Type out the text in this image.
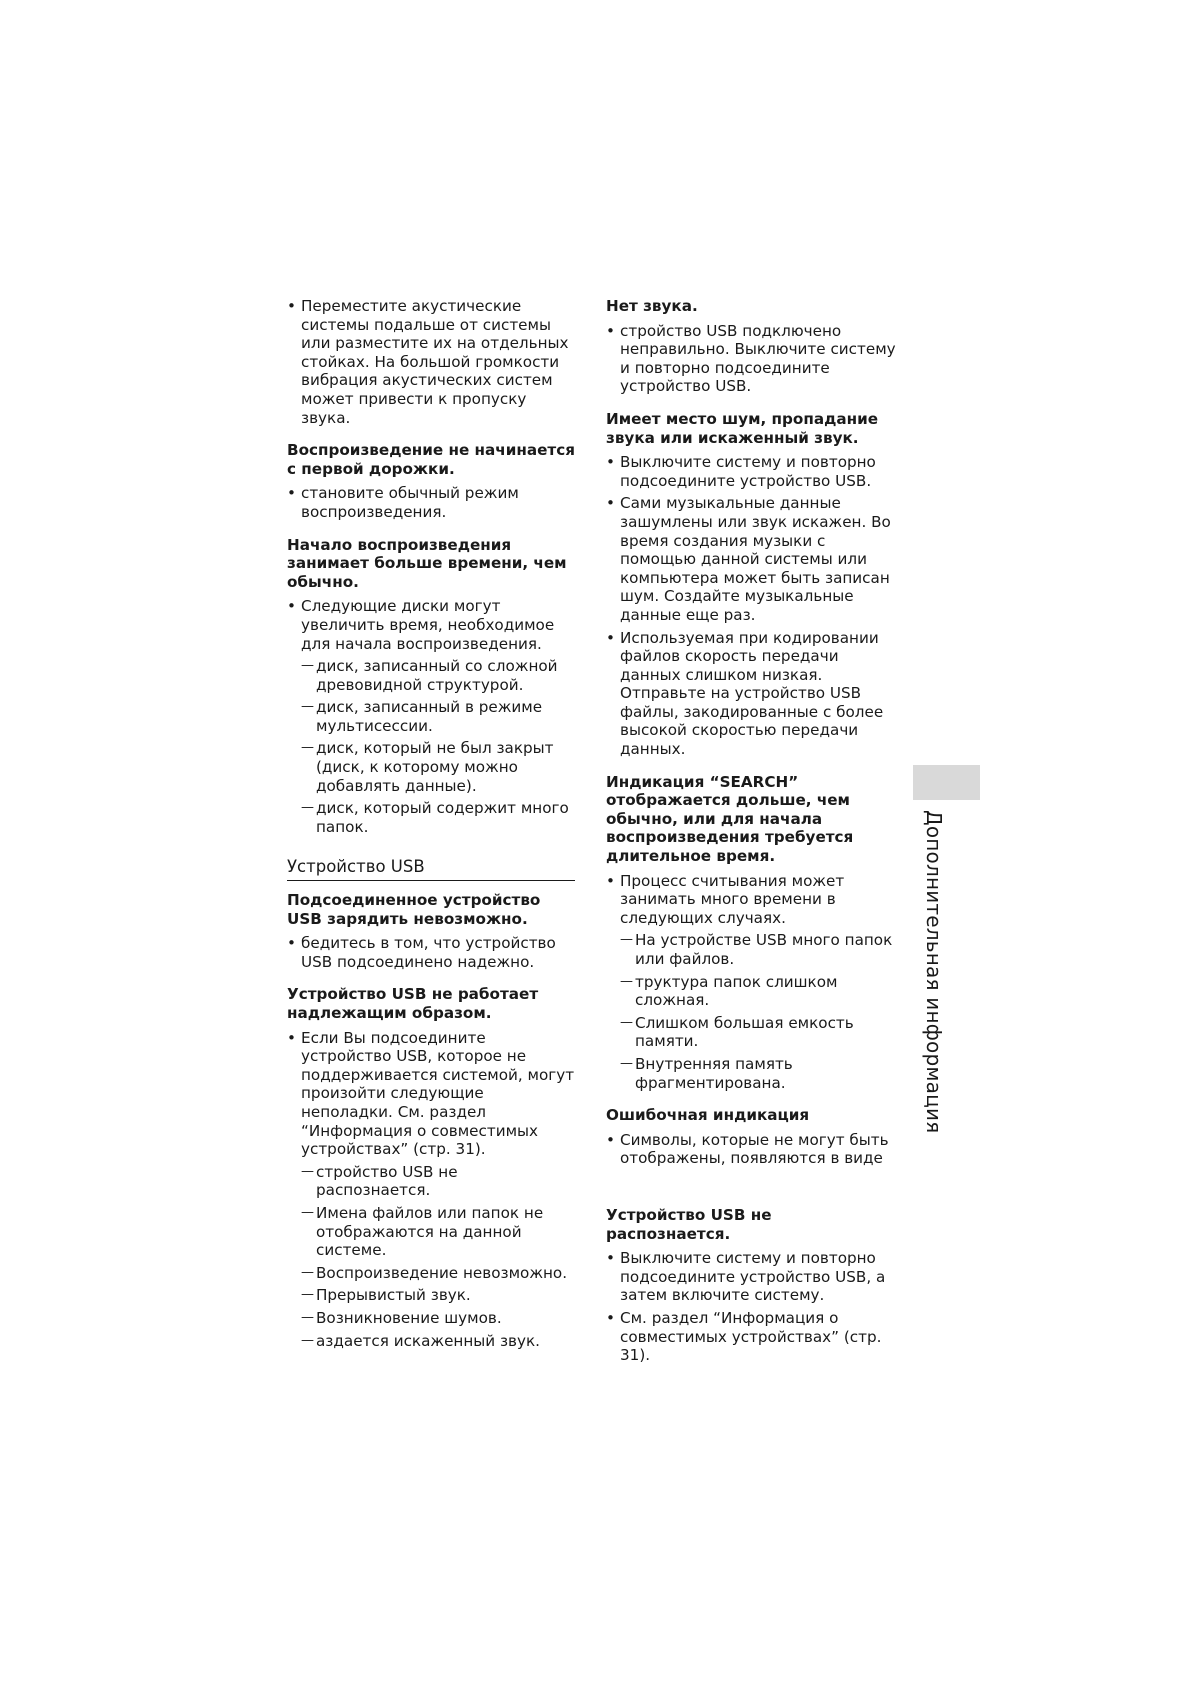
• Переместите акустические системы подальше от системы или разместите их на отдельных стойках. На большой громкости вибрация акустических систем может привести к пропуску звука.
Воспроизведение не начинается с первой дорожки.
• становите обычный режим воспроизведения.
Начало воспроизведения занимает больше времени, чем обычно.
• Следующие диски могут увеличить время, необходимое для начала воспроизведения.
— диск, записанный со сложной древовидной структурой.
— диск, записанный в режиме мультисессии.
— диск, который не был закрыт (диск, к которому можно добавлять данные).
— диск, который содержит много папок.
Устройство USB
Подсоединенное устройство USB зарядить невозможно.
• бедитесь в том, что устройство USB подсоединено надежно.
Устройство USB не работает надлежащим образом.
• Если Вы подсоедините устройство USB, которое не поддерживается системой, могут произойти следующие неполадки. См. раздел “Информация о совместимых устройствах” (стр. 31).
— стройство USB не распознается.
— Имена файлов или папок не отображаются на данной системе.
— Воспроизведение невозможно.
— Прерывистый звук.
— Возникновение шумов.
— аздается искаженный звук.
Нет звука.
• стройство USB подключено неправильно. Выключите систему и повторно подсоедините устройство USB.
Имеет место шум, пропадание звука или искаженный звук.
• Выключите систему и повторно подсоедините устройство USB.
• Сами музыкальные данные зашумлены или звук искажен. Во время создания музыки с помощью данной системы или компьютера может быть записан шум. Создайте музыкальные данные еще раз.
• Используемая при кодировании файлов скорость передачи данных слишком низкая. Отправьте на устройство USB файлы, закодированные с более высокой скоростью передачи данных.
Индикация “SEARCH” отображается дольше, чем обычно, или для начала воспроизведения требуется длительное время.
• Процесс считывания может занимать много времени в следующих случаях.
— На устройстве USB много папок или файлов.
— труктура папок слишком сложная.
— Слишком большая емкость памяти.
— Внутренняя память фрагментирована.
Ошибочная индикация
• Символы, которые не могут быть отображены, появляются в виде
Устройство USB не распознается.
• Выключите систему и повторно подсоедините устройство USB, а затем включите систему.
• См. раздел “Информация о совместимых устройствах” (стр. 31).
Дополнительная информация
